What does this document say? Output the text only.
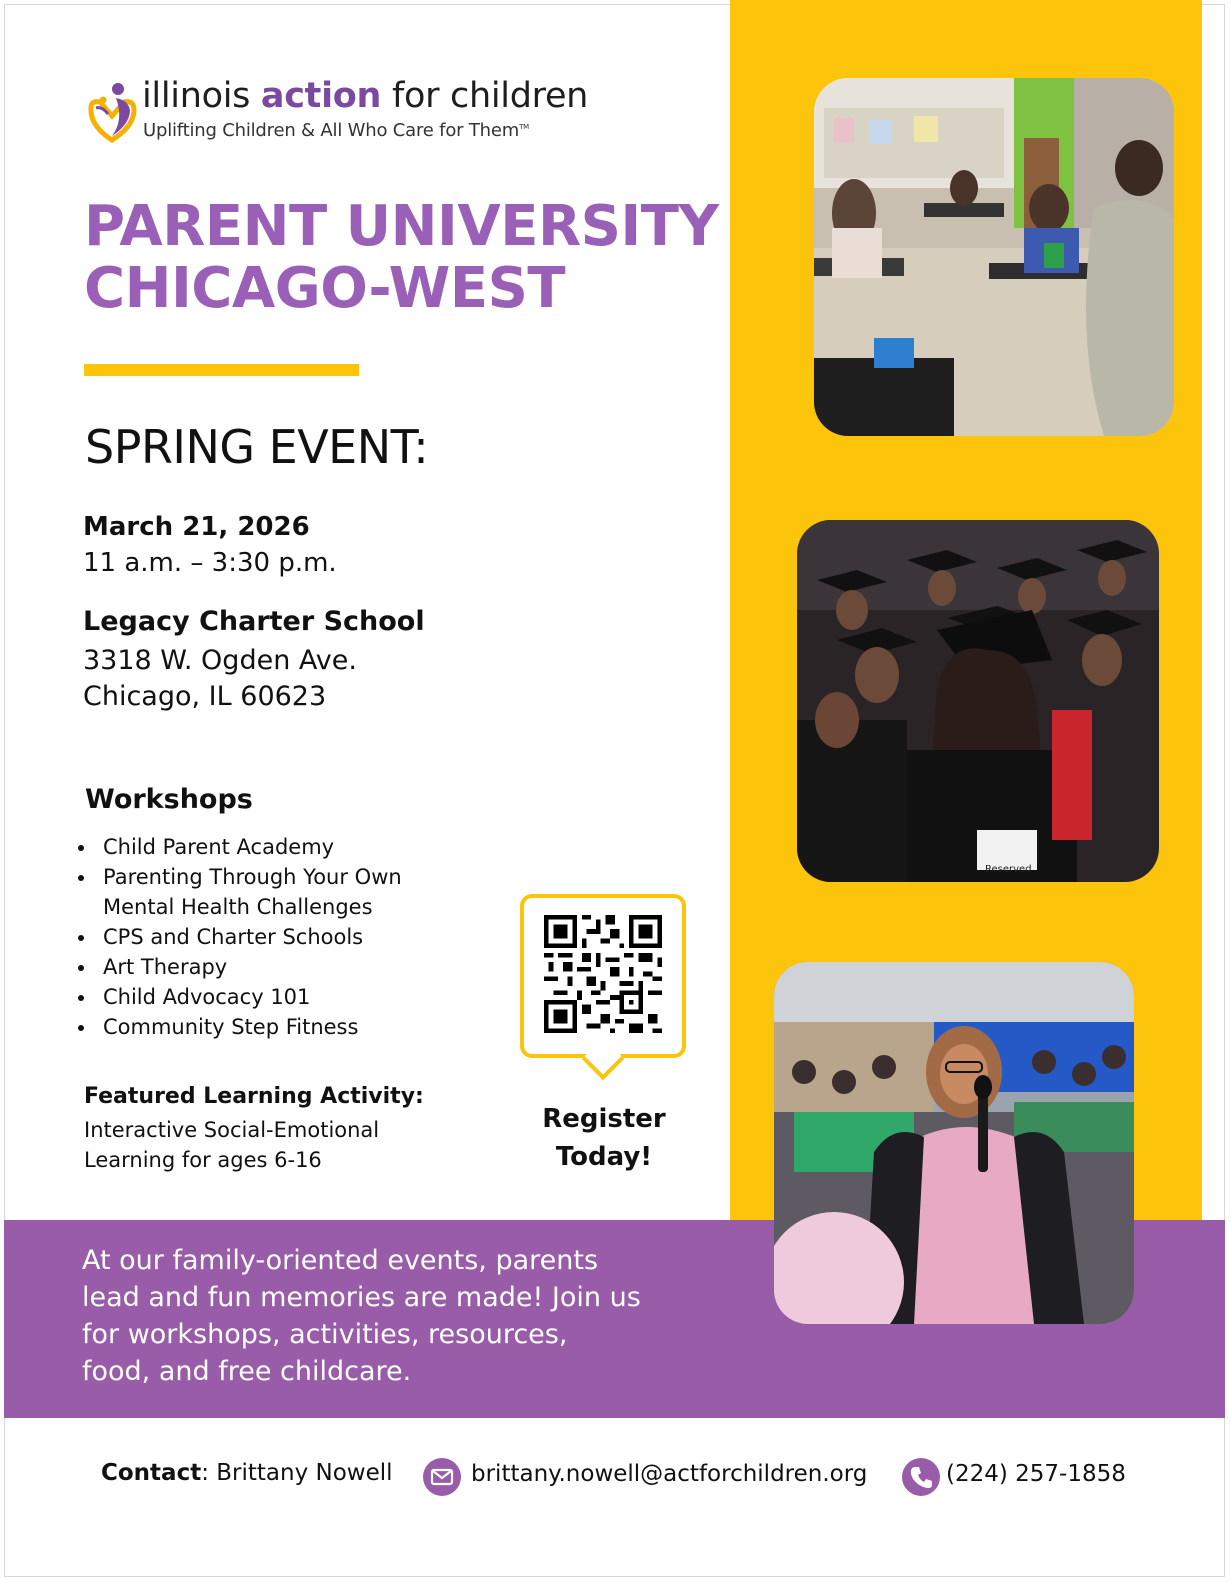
At our family-oriented events, parents lead and fun memories are made! Join us for workshops, activities, resources, food, and free childcare.
Reserved
illinois action for children
Uplifting Children & All Who Care for Them™
PARENT UNIVERSITY
CHICAGO-WEST
SPRING EVENT:
March 21, 2026
11 a.m. – 3:30 p.m.
Legacy Charter School
3318 W. Ogden Ave.
Chicago, IL 60623
Workshops
Child Parent Academy
Parenting Through Your Own Mental Health Challenges
CPS and Charter Schools
Art Therapy
Child Advocacy 101
Community Step Fitness
Featured Learning Activity:
Interactive Social-Emotional Learning for ages 6-16
Register
Today!
Contact: Brittany Nowell	brittany.nowell@actforchildren.org	(224) 257-1858
